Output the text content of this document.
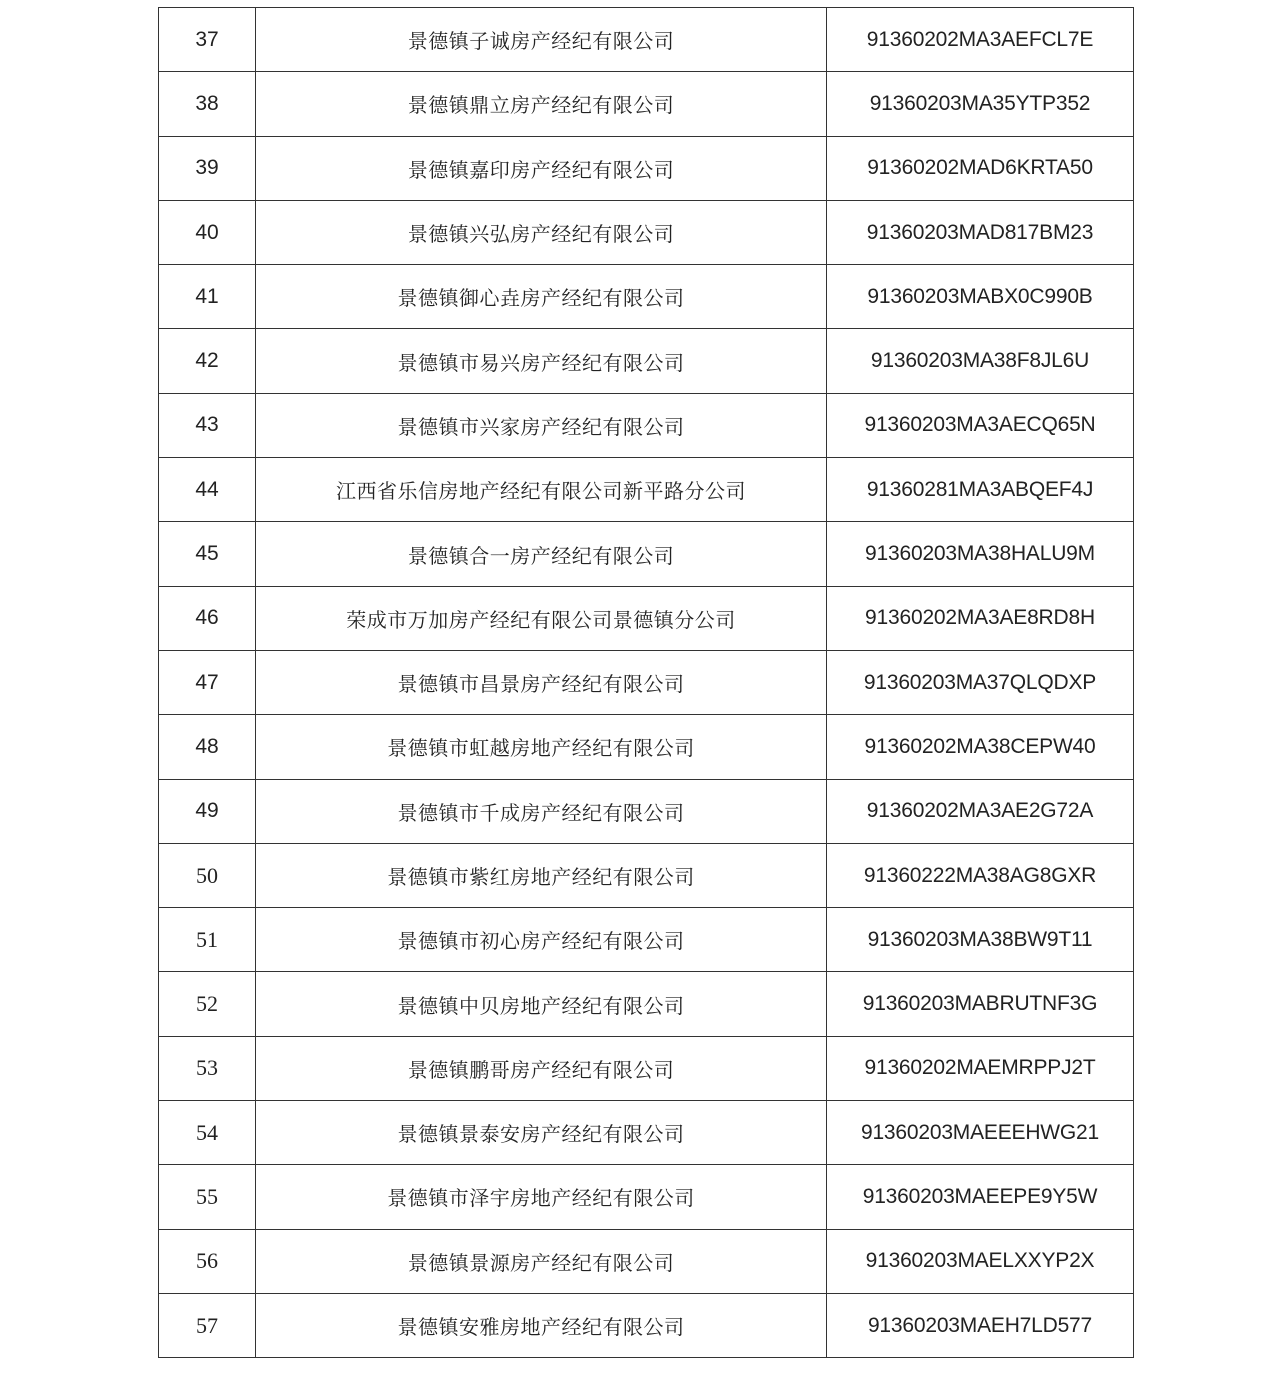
37	景德镇子诚房产经纪有限公司	91360202MA3AEFCL7E
38	景德镇鼎立房产经纪有限公司	91360203MA35YTP352
39	景德镇嘉印房产经纪有限公司	91360202MAD6KRTA50
40	景德镇兴弘房产经纪有限公司	91360203MAD817BM23
41	景德镇御心垚房产经纪有限公司	91360203MABX0C990B
42	景德镇市易兴房产经纪有限公司	91360203MA38F8JL6U
43	景德镇市兴家房产经纪有限公司	91360203MA3AECQ65N
44	江西省乐信房地产经纪有限公司新平路分公司	91360281MA3ABQEF4J
45	景德镇合一房产经纪有限公司	91360203MA38HALU9M
46	荣成市万加房产经纪有限公司景德镇分公司	91360202MA3AE8RD8H
47	景德镇市昌景房产经纪有限公司	91360203MA37QLQDXP
48	景德镇市虹越房地产经纪有限公司	91360202MA38CEPW40
49	景德镇市千成房产经纪有限公司	91360202MA3AE2G72A
50	景德镇市紫红房地产经纪有限公司	91360222MA38AG8GXR
51	景德镇市初心房产经纪有限公司	91360203MA38BW9T11
52	景德镇中贝房地产经纪有限公司	91360203MABRUTNF3G
53	景德镇鹏哥房产经纪有限公司	91360202MAEMRPPJ2T
54	景德镇景泰安房产经纪有限公司	91360203MAEEEHWG21
55	景德镇市泽宇房地产经纪有限公司	91360203MAEEPE9Y5W
56	景德镇景源房产经纪有限公司	91360203MAELXXYP2X
57	景德镇安雅房地产经纪有限公司	91360203MAEH7LD577
